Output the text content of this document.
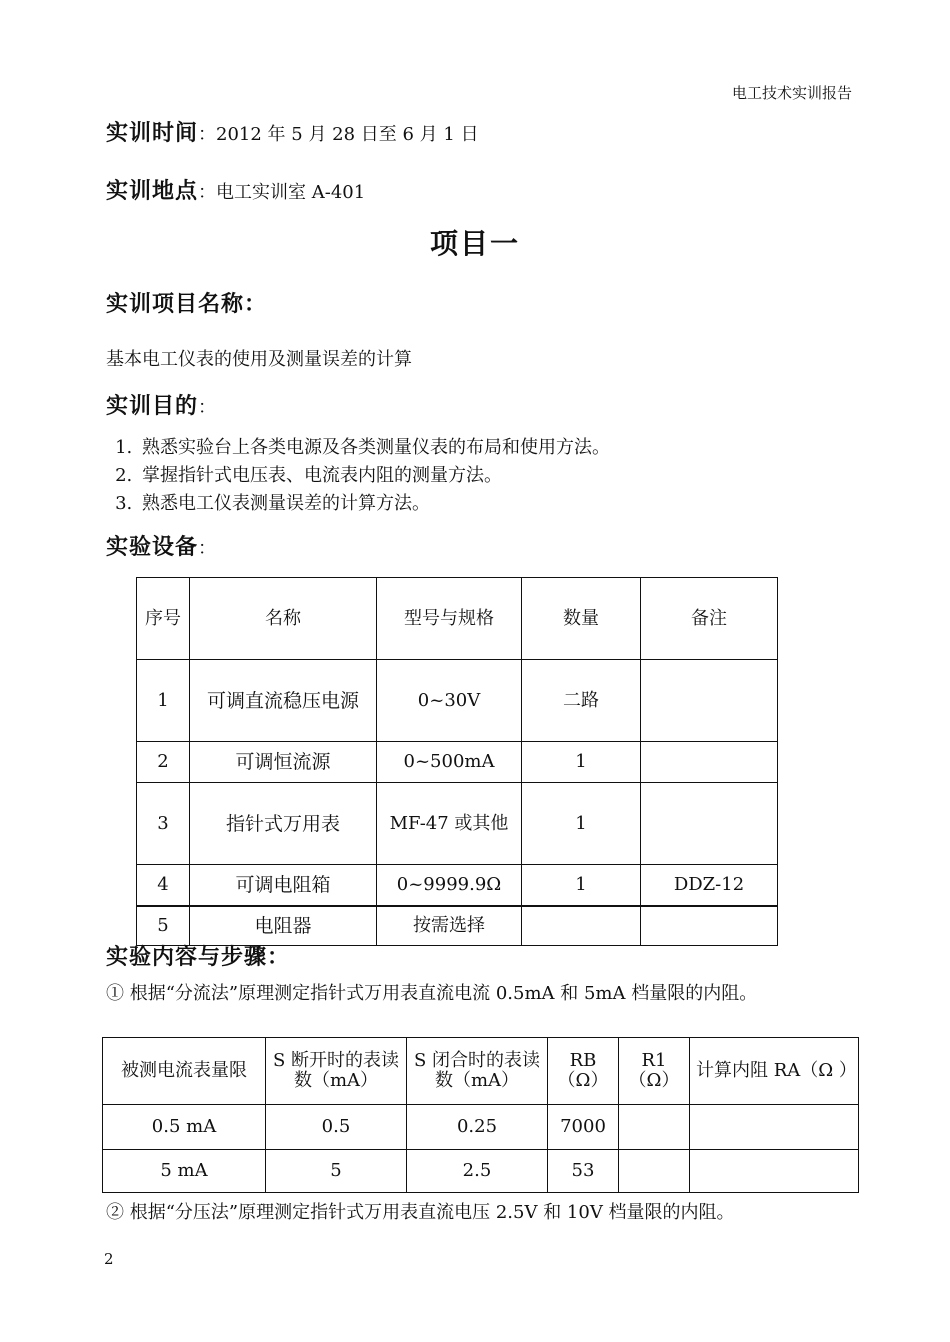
电工技术实训报告
实训时间：2012 年 5 月 28 日至 6 月 1 日
实训地点：电工实训室 A-401
项目一
实训项目名称：
基本电工仪表的使用及测量误差的计算
实训目的：
1. 熟悉实验台上各类电源及各类测量仪表的布局和使用方法。
2. 掌握指针式电压表、电流表内阻的测量方法。
3. 熟悉电工仪表测量误差的计算方法。
实验设备：
序号	名称	型号与规格	数量	备注
1	可调直流稳压电源	0~30V	二路	
2	可调恒流源	0~500mA	1	
3	指针式万用表	MF-47 或其他	1	
4	可调电阻箱	0~9999.9Ω	1	DDZ-12
5	电阻器	按需选择		
实验内容与步骤：
① 根据“分流法”原理测定指针式万用表直流电流 0.5mA 和 5mA 档量限的内阻。
被测电流表量限	S 断开时的表读数（mA）	S 闭合时的表读数（mA）	RB（Ω）	R1（Ω）	计算内阻 RA（Ω ）
0.5 mA	0.5	0.25	7000		
5 mA	5	2.5	53		
② 根据“分压法”原理测定指针式万用表直流电压 2.5V 和 10V 档量限的内阻。
2
